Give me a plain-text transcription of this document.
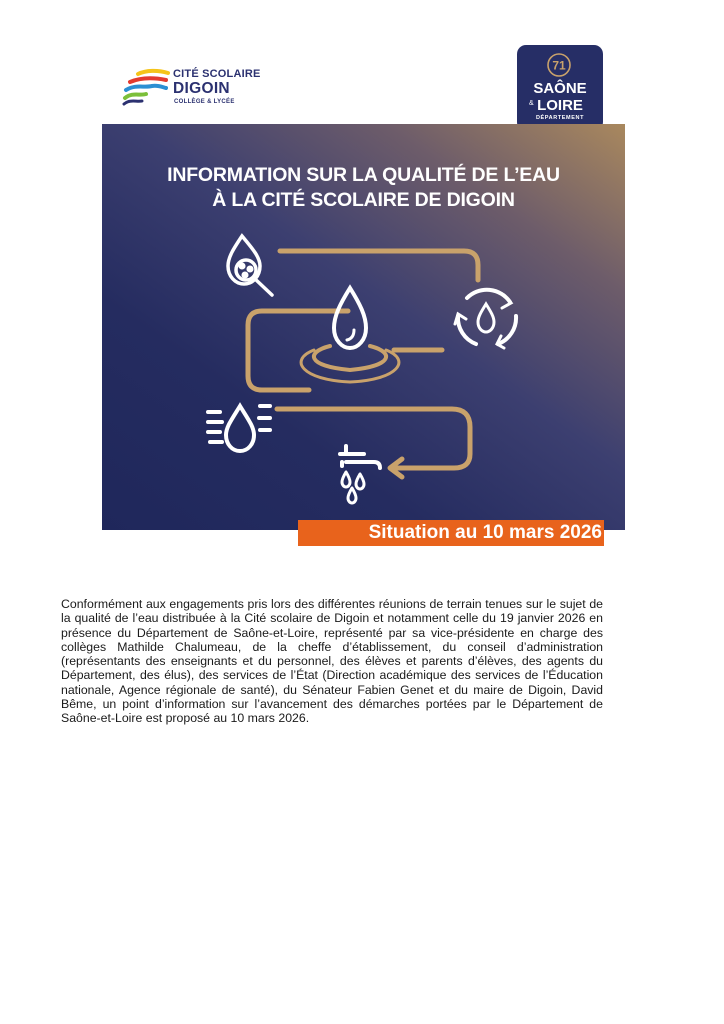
CITÉ SCOLAIRE
DIGOIN
COLLÈGE & LYCÉE
71
SAÔNE
& LOIRE
DÉPARTEMENT
INFORMATION SUR LA QUALITÉ DE L’EAU
À LA CITÉ SCOLAIRE DE DIGOIN
Situation au 10 mars 2026

Conformément aux engagements pris lors des différentes réunions de terrain tenues sur le sujet de la qualité de l’eau distribuée à la Cité scolaire de Digoin et notamment celle du 19 janvier 2026 en présence du Département de Saône-et-Loire, représenté par sa vice-présidente en charge des collèges Mathilde Chalumeau, de la cheffe d’établissement, du conseil d’administration (représentants des enseignants et du personnel, des élèves et parents d’élèves, des agents du Département, des élus), des services de l’État (Direction académique des services de l’Éducation nationale, Agence régionale de santé), du Sénateur Fabien Genet et du maire de Digoin, David Bême, un point d’information sur l’avancement des démarches portées par le Département de Saône-et-Loire est proposé au 10 mars 2026.
